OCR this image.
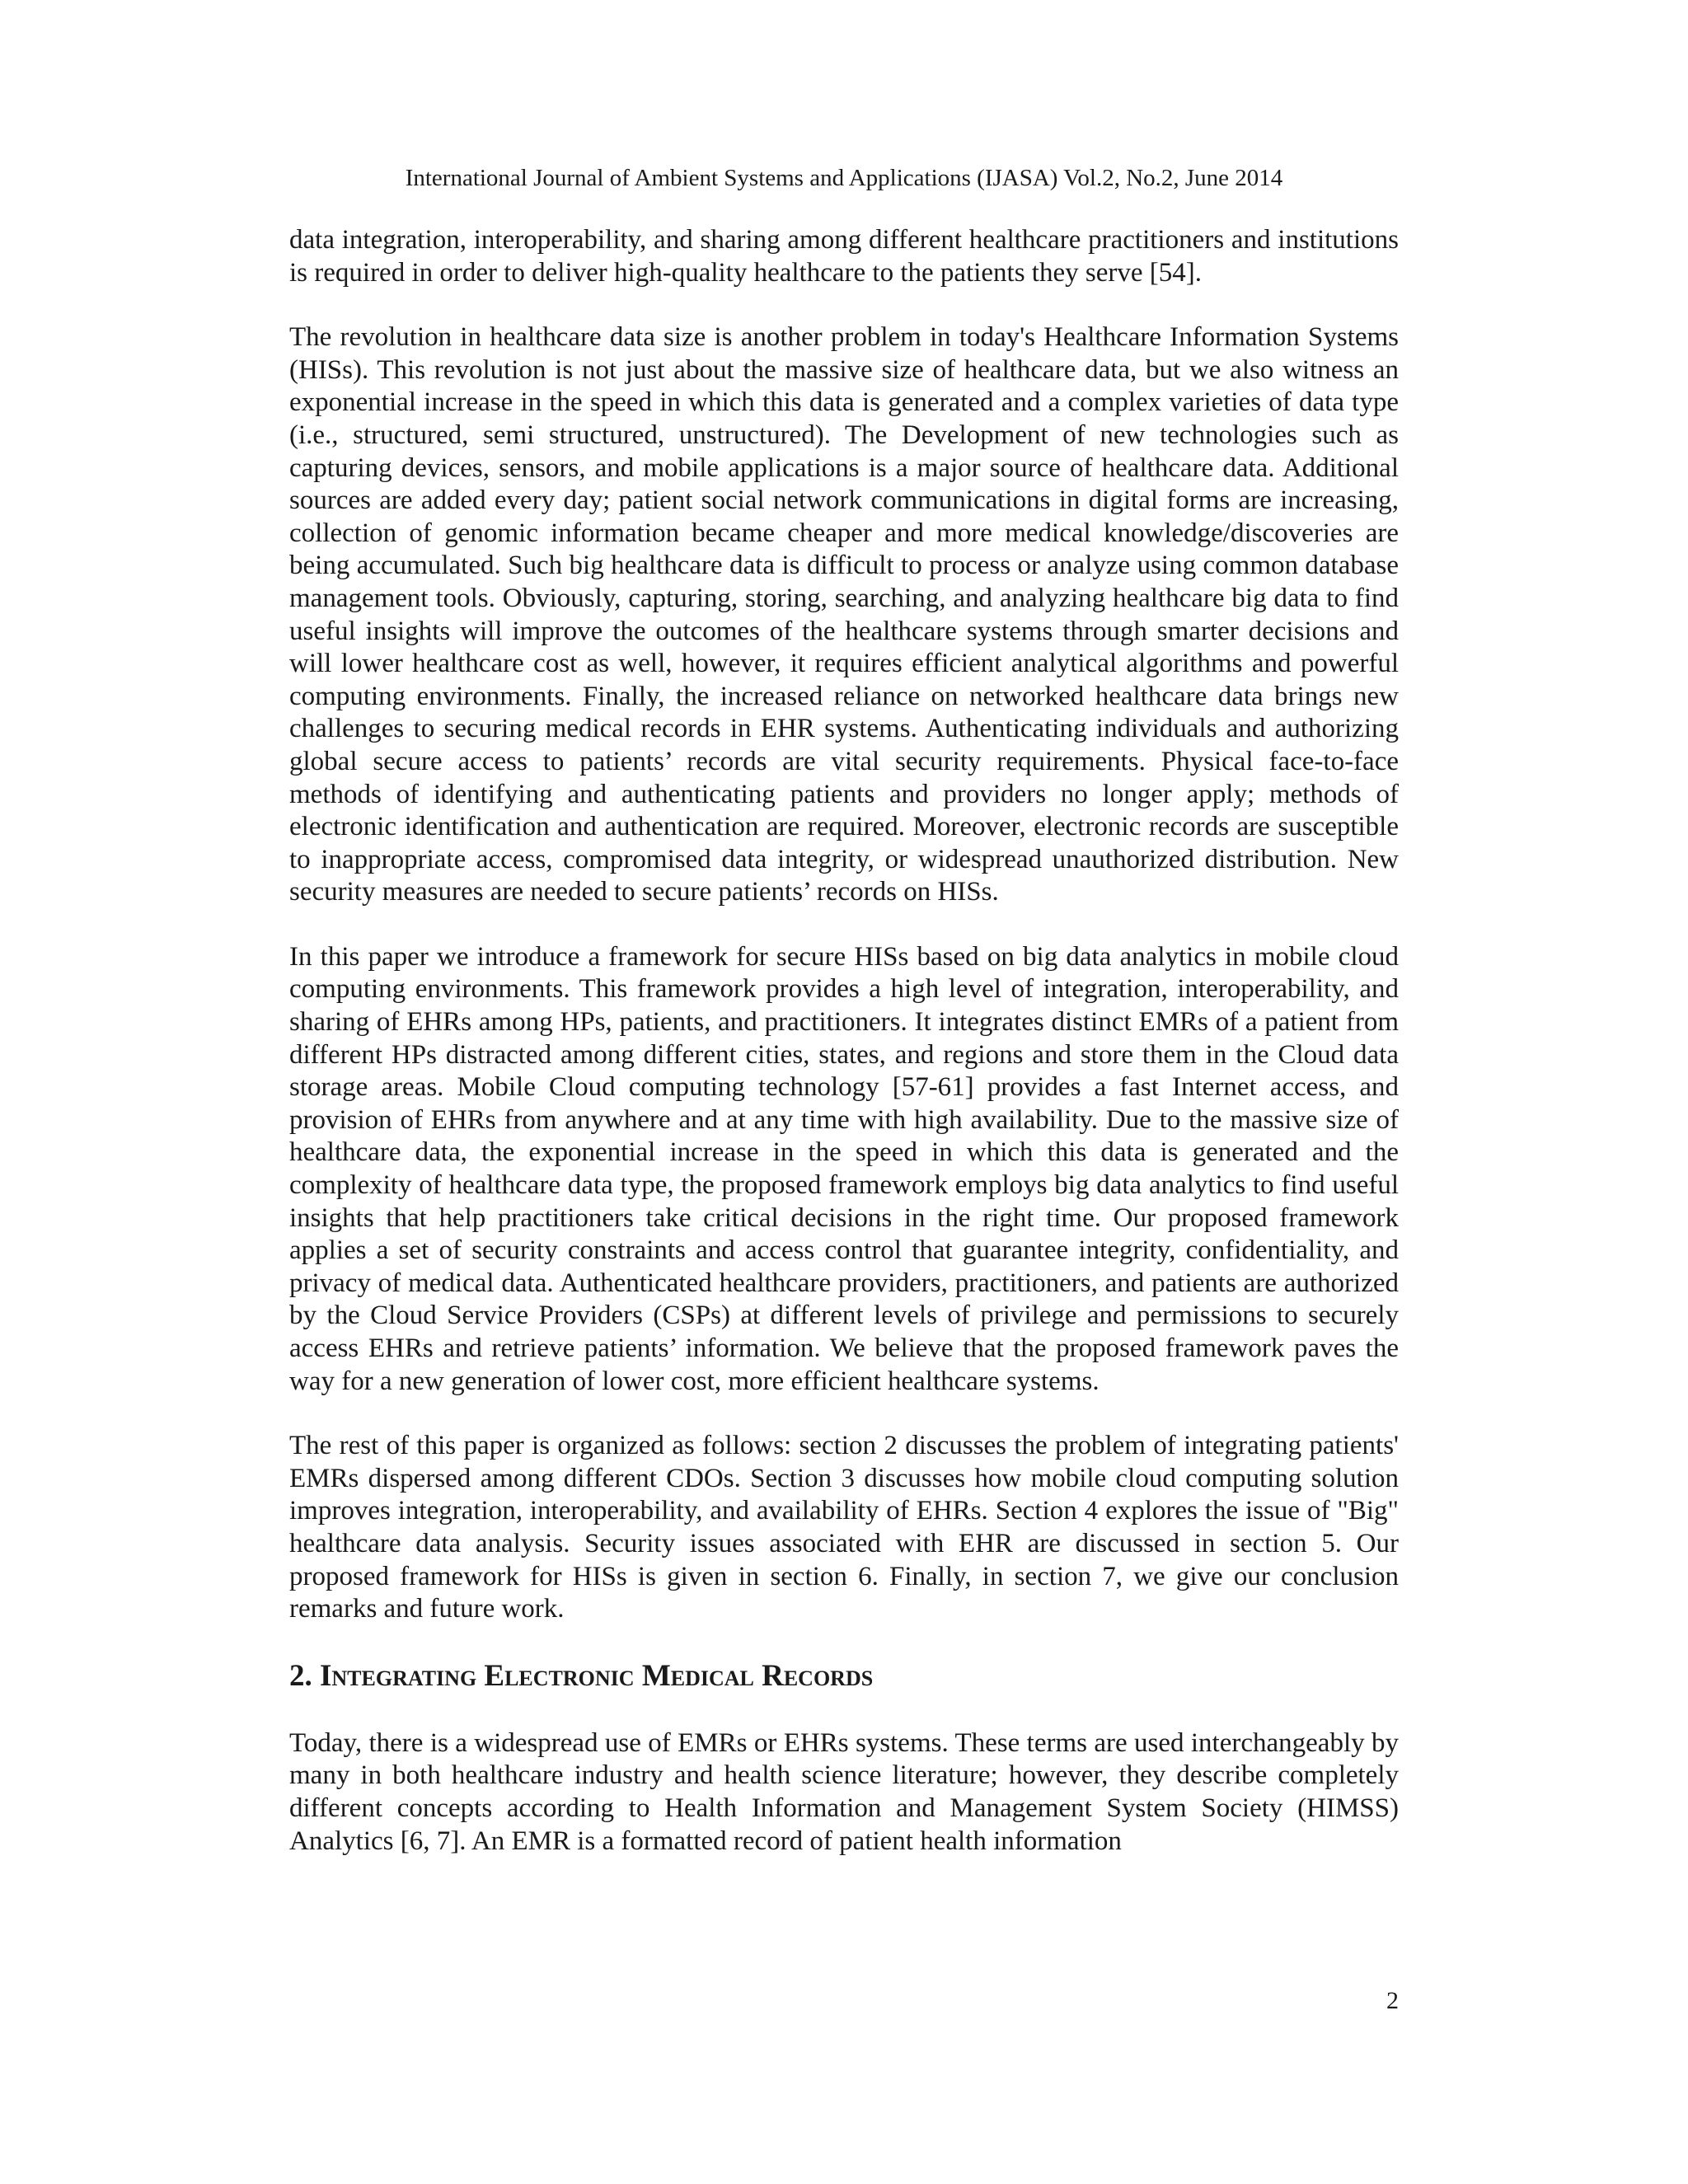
International Journal of Ambient Systems and Applications (IJASA) Vol.2, No.2, June 2014

data integration, interoperability, and sharing among different healthcare practitioners and institutions is required in order to deliver high-quality healthcare to the patients they serve [54].

The revolution in healthcare data size is another problem in today's Healthcare Information Systems (HISs). This revolution is not just about the massive size of healthcare data, but we also witness an exponential increase in the speed in which this data is generated and a complex varieties of data type (i.e., structured, semi structured, unstructured). The Development of new technologies such as capturing devices, sensors, and mobile applications is a major source of healthcare data. Additional sources are added every day; patient social network communications in digital forms are increasing, collection of genomic information became cheaper and more medical knowledge/discoveries are being accumulated. Such big healthcare data is difficult to process or analyze using common database management tools. Obviously, capturing, storing, searching, and analyzing healthcare big data to find useful insights will improve the outcomes of the healthcare systems through smarter decisions and will lower healthcare cost as well, however, it requires efficient analytical algorithms and powerful computing environments. Finally, the increased reliance on networked healthcare data brings new challenges to securing medical records in EHR systems. Authenticating individuals and authorizing global secure access to patients’ records are vital security requirements. Physical face-to-face methods of identifying and authenticating patients and providers no longer apply; methods of electronic identification and authentication are required. Moreover, electronic records are susceptible to inappropriate access, compromised data integrity, or widespread unauthorized distribution. New security measures are needed to secure patients’ records on HISs.

In this paper we introduce a framework for secure HISs based on big data analytics in mobile cloud computing environments. This framework provides a high level of integration, interoperability, and sharing of EHRs among HPs, patients, and practitioners. It integrates distinct EMRs of a patient from different HPs distracted among different cities, states, and regions and store them in the Cloud data storage areas. Mobile Cloud computing technology [57-61] provides a fast Internet access, and provision of EHRs from anywhere and at any time with high availability. Due to the massive size of healthcare data, the exponential increase in the speed in which this data is generated and the complexity of healthcare data type, the proposed framework employs big data analytics to find useful insights that help practitioners take critical decisions in the right time. Our proposed framework applies a set of security constraints and access control that guarantee integrity, confidentiality, and privacy of medical data. Authenticated healthcare providers, practitioners, and patients are authorized by the Cloud Service Providers (CSPs) at different levels of privilege and permissions to securely access EHRs and retrieve patients’ information. We believe that the proposed framework paves the way for a new generation of lower cost, more efficient healthcare systems.

The rest of this paper is organized as follows: section 2 discusses the problem of integrating patients' EMRs dispersed among different CDOs. Section 3 discusses how mobile cloud computing solution improves integration, interoperability, and availability of EHRs. Section 4 explores the issue of "Big" healthcare data analysis. Security issues associated with EHR are discussed in section 5. Our proposed framework for HISs is given in section 6. Finally, in section 7, we give our conclusion remarks and future work.

2. Integrating Electronic Medical Records

Today, there is a widespread use of EMRs or EHRs systems. These terms are used interchangeably by many in both healthcare industry and health science literature; however, they describe completely different concepts according to Health Information and Management System Society (HIMSS) Analytics [6, 7]. An EMR is a formatted record of patient health information

2
